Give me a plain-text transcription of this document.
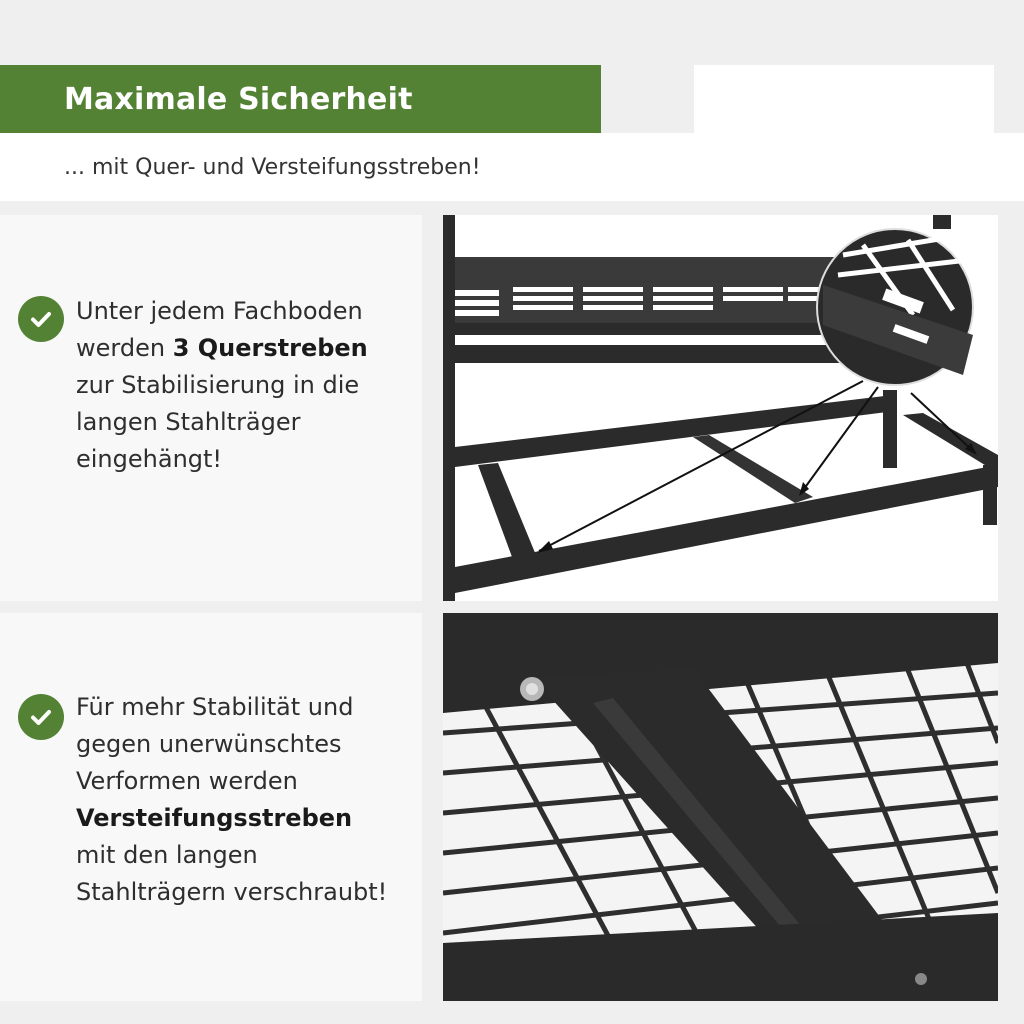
Maximale Sicherheit
... mit Quer- und Versteifungsstreben!
Unter jedem Fachboden
werden 3 Querstreben
zur Stabilisierung in die
langen Stahlträger
eingehängt!
Für mehr Stabilität und
gegen unerwünschtes
Verformen werden
Versteifungsstreben
mit den langen
Stahlträgern verschraubt!
